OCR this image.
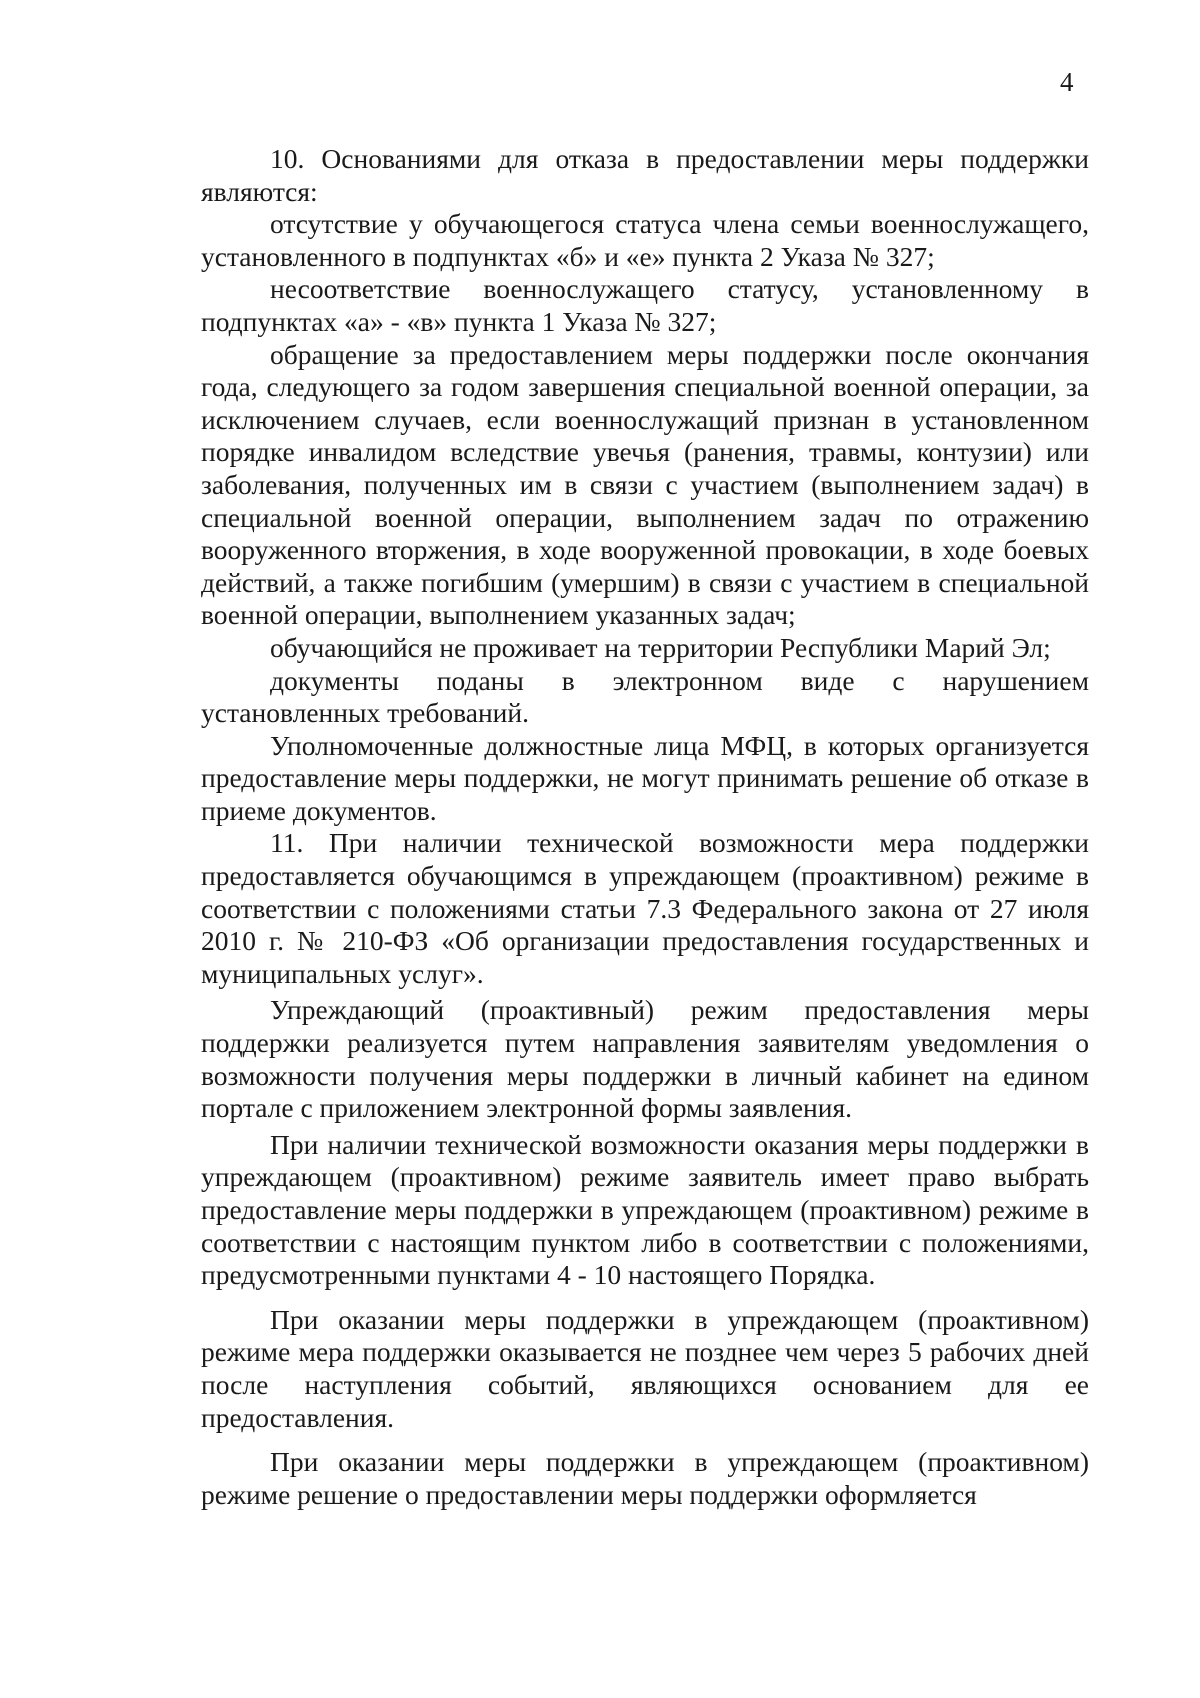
4

10. Основаниями для отказа в предоставлении меры поддержки являются:

отсутствие у обучающегося статуса члена семьи военнослужащего, установленного в подпунктах «б» и «е» пункта 2 Указа № 327;

несоответствие военнослужащего статусу, установленному в подпунктах «а» - «в» пункта 1 Указа № 327;

обращение за предоставлением меры поддержки после окончания года, следующего за годом завершения специальной военной операции, за исключением случаев, если военнослужащий признан в установленном порядке инвалидом вследствие увечья (ранения, травмы, контузии) или заболевания, полученных им в связи с участием (выполнением задач) в специальной военной операции, выполнением задач по отражению вооруженного вторжения, в ходе вооруженной провокации, в ходе боевых действий, а также погибшим (умершим) в связи с участием в специальной военной операции, выполнением указанных задач;

обучающийся не проживает на территории Республики Марий Эл;

документы поданы в электронном виде с нарушением установленных требований.

Уполномоченные должностные лица МФЦ, в которых организуется предоставление меры поддержки, не могут принимать решение об отказе в приеме документов.

11. При наличии технической возможности мера поддержки предоставляется обучающимся в упреждающем (проактивном) режиме в соответствии с положениями статьи 7.3 Федерального закона от 27 июля 2010 г. № 210-ФЗ «Об организации предоставления государственных и муниципальных услуг».

Упреждающий (проактивный) режим предоставления меры поддержки реализуется путем направления заявителям уведомления о возможности получения меры поддержки в личный кабинет на едином портале с приложением электронной формы заявления.

При наличии технической возможности оказания меры поддержки в упреждающем (проактивном) режиме заявитель имеет право выбрать предоставление меры поддержки в упреждающем (проактивном) режиме в соответствии с настоящим пунктом либо в соответствии с положениями, предусмотренными пунктами 4 - 10 настоящего Порядка.

При оказании меры поддержки в упреждающем (проактивном) режиме мера поддержки оказывается не позднее чем через 5 рабочих дней после наступления событий, являющихся основанием для ее предоставления.

При оказании меры поддержки в упреждающем (проактивном) режиме решение о предоставлении меры поддержки оформляется
